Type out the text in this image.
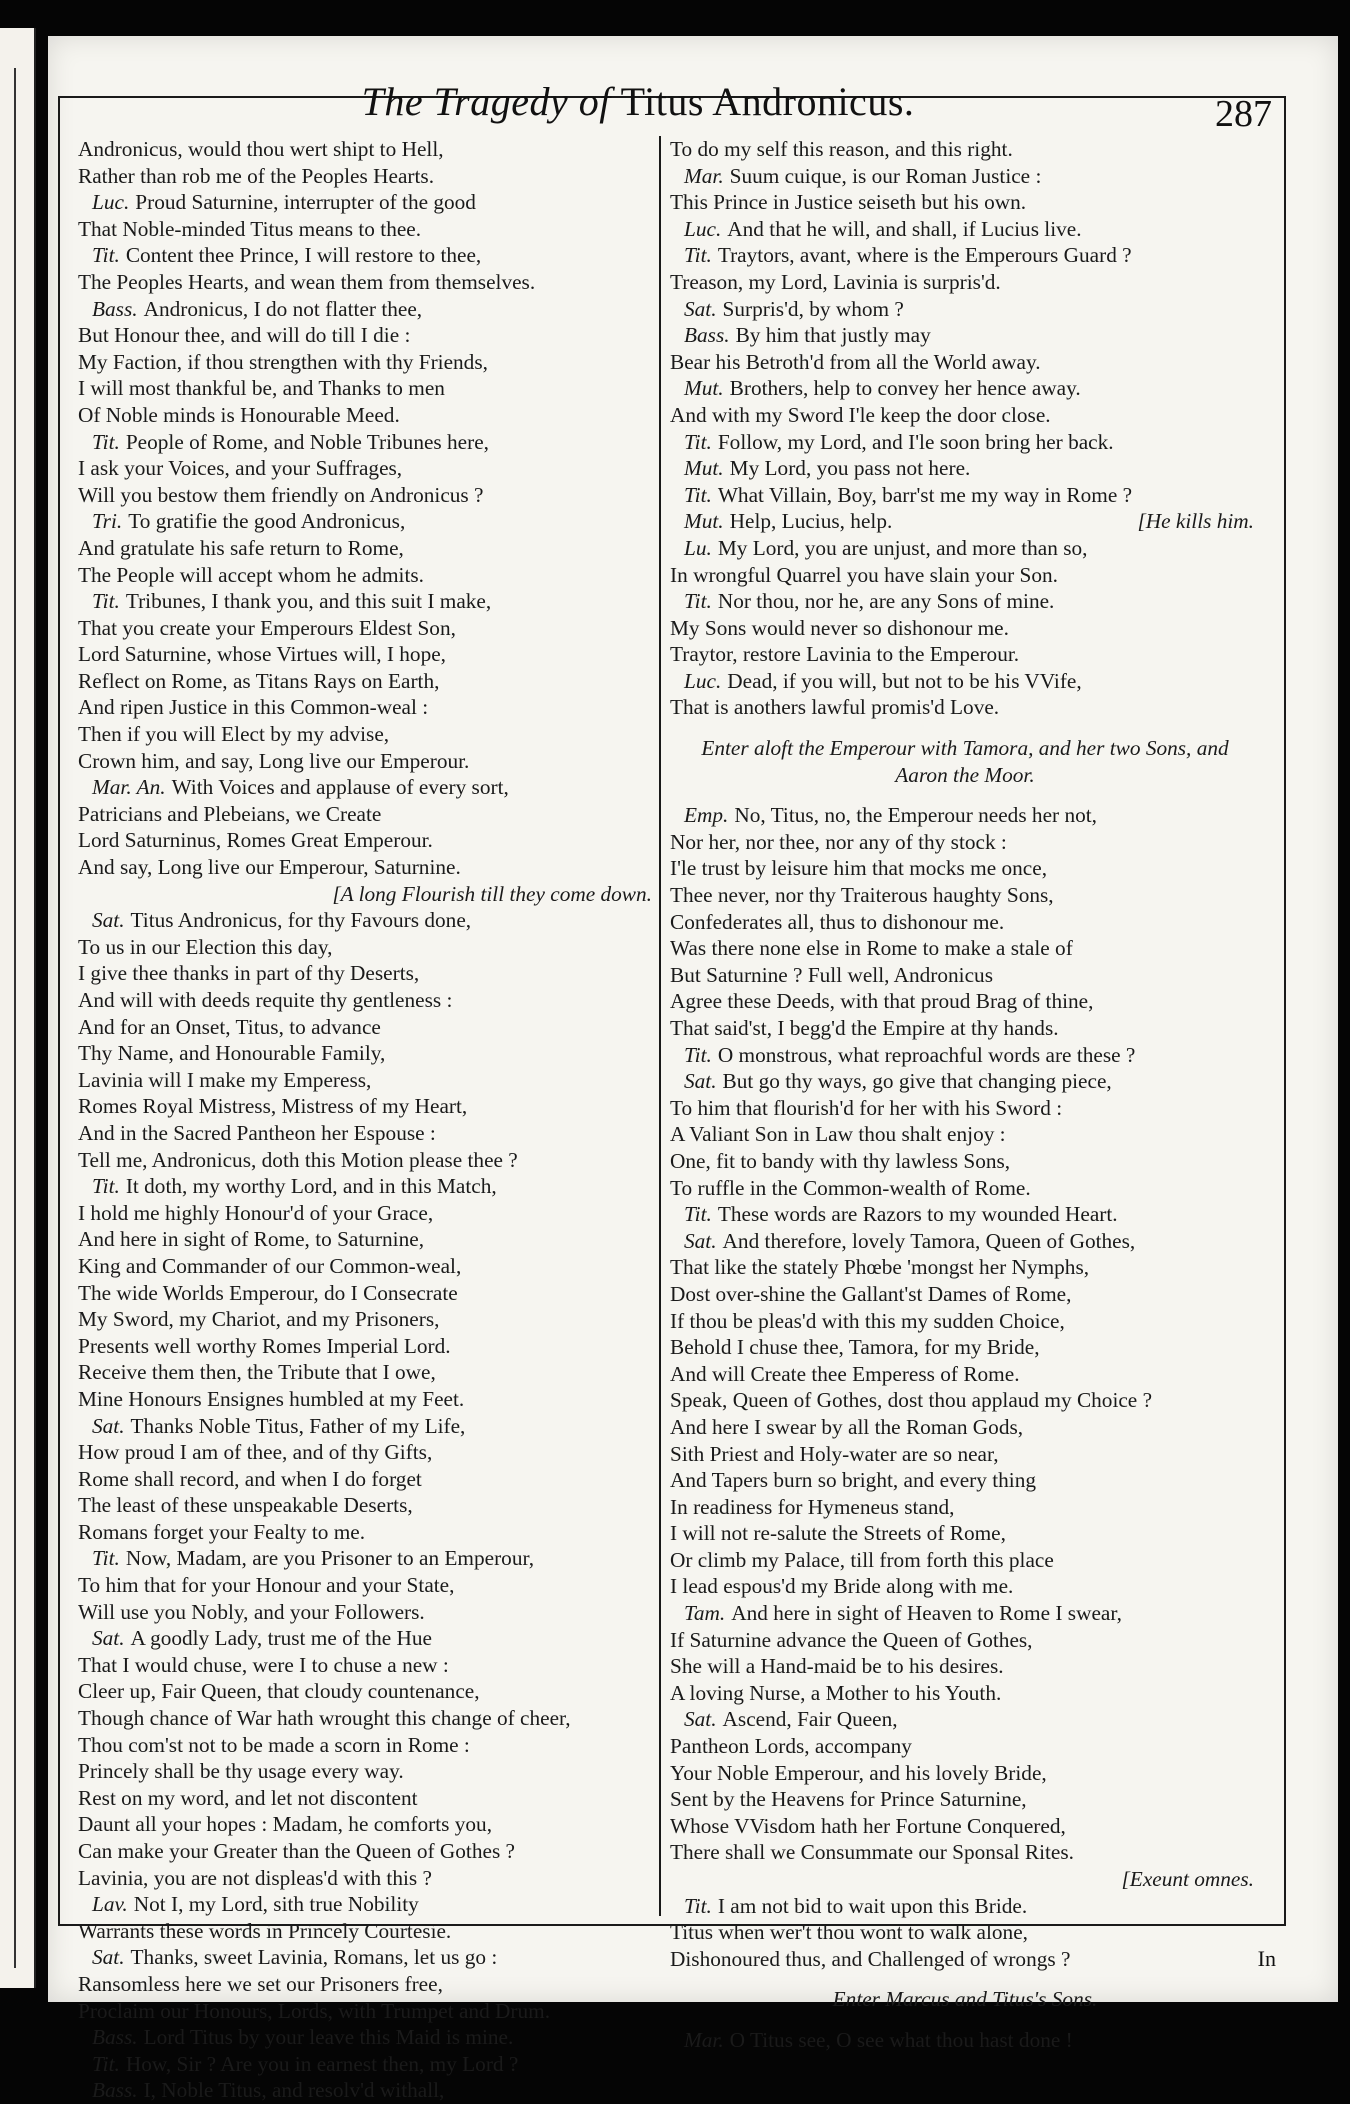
The Tragedy of Titus Andronicus.	287
Andronicus, would thou wert shipt to Hell,
Rather than rob me of the Peoples Hearts.
Luc. Proud Saturnine, interrupter of the good
That Noble-minded Titus means to thee.
Tit. Content thee Prince, I will restore to thee,
The Peoples Hearts, and wean them from themselves.
Bass. Andronicus, I do not flatter thee,
But Honour thee, and will do till I die :
My Faction, if thou strengthen with thy Friends,
I will most thankful be, and Thanks to men
Of Noble minds is Honourable Meed.
Tit. People of Rome, and Noble Tribunes here,
I ask your Voices, and your Suffrages,
Will you bestow them friendly on Andronicus ?
Tri. To gratifie the good Andronicus,
And gratulate his safe return to Rome,
The People will accept whom he admits.
Tit. Tribunes, I thank you, and this suit I make,
That you create your Emperours Eldest Son,
Lord Saturnine, whose Virtues will, I hope,
Reflect on Rome, as Titans Rays on Earth,
And ripen Justice in this Common-weal :
Then if you will Elect by my advise,
Crown him, and say, Long live our Emperour.
Mar. An. With Voices and applause of every sort,
Patricians and Plebeians, we Create
Lord Saturninus, Romes Great Emperour.
And say, Long live our Emperour, Saturnine.
[A long Flourish till they come down.
Sat. Titus Andronicus, for thy Favours done,
To us in our Election this day,
I give thee thanks in part of thy Deserts,
And will with deeds requite thy gentleness :
And for an Onset, Titus, to advance
Thy Name, and Honourable Family,
Lavinia will I make my Emperess,
Romes Royal Mistress, Mistress of my Heart,
And in the Sacred Pantheon her Espouse :
Tell me, Andronicus, doth this Motion please thee ?
Tit. It doth, my worthy Lord, and in this Match,
I hold me highly Honour'd of your Grace,
And here in sight of Rome, to Saturnine,
King and Commander of our Common-weal,
The wide Worlds Emperour, do I Consecrate
My Sword, my Chariot, and my Prisoners,
Presents well worthy Romes Imperial Lord.
Receive them then, the Tribute that I owe,
Mine Honours Ensignes humbled at my Feet.
Sat. Thanks Noble Titus, Father of my Life,
How proud I am of thee, and of thy Gifts,
Rome shall record, and when I do forget
The least of these unspeakable Deserts,
Romans forget your Fealty to me.
Tit. Now, Madam, are you Prisoner to an Emperour,
To him that for your Honour and your State,
Will use you Nobly, and your Followers.
Sat. A goodly Lady, trust me of the Hue
That I would chuse, were I to chuse a new :
Cleer up, Fair Queen, that cloudy countenance,
Though chance of War hath wrought this change of cheer,
Thou com'st not to be made a scorn in Rome :
Princely shall be thy usage every way.
Rest on my word, and let not discontent
Daunt all your hopes : Madam, he comforts you,
Can make your Greater than the Queen of Gothes ?
Lavinia, you are not displeas'd with this ?
Lav. Not I, my Lord, sith true Nobility
Warrants these words in Princely Courtesie.
Sat. Thanks, sweet Lavinia, Romans, let us go :
Ransomless here we set our Prisoners free,
Proclaim our Honours, Lords, with Trumpet and Drum.
Bass. Lord Titus by your leave this Maid is mine.
Tit. How, Sir ? Are you in earnest then, my Lord ?
Bass. I, Noble Titus, and resolv'd withall,
To do my self this reason, and this right.
Mar. Suum cuique, is our Roman Justice :
This Prince in Justice seiseth but his own.
Luc. And that he will, and shall, if Lucius live.
Tit. Traytors, avant, where is the Emperours Guard ?
Treason, my Lord, Lavinia is surpris'd.
Sat. Surpris'd, by whom ?
Bass. By him that justly may
Bear his Betroth'd from all the World away.
Mut. Brothers, help to convey her hence away.
And with my Sword I'le keep the door close.
Tit. Follow, my Lord, and I'le soon bring her back.
Mut. My Lord, you pass not here.
Tit. What Villain, Boy, barr'st me my way in Rome ?
Mut. Help, Lucius, help.	[He kills him.
Lu. My Lord, you are unjust, and more than so,
In wrongful Quarrel you have slain your Son.
Tit. Nor thou, nor he, are any Sons of mine.
My Sons would never so dishonour me.
Traytor, restore Lavinia to the Emperour.
Luc. Dead, if you will, but not to be his VVife,
That is anothers lawful promis'd Love.
Enter aloft the Emperour with Tamora, and her two Sons, and
Aaron the Moor.
Emp. No, Titus, no, the Emperour needs her not,
Nor her, nor thee, nor any of thy stock :
I'le trust by leisure him that mocks me once,
Thee never, nor thy Traiterous haughty Sons,
Confederates all, thus to dishonour me.
Was there none else in Rome to make a stale of
But Saturnine ? Full well, Andronicus
Agree these Deeds, with that proud Brag of thine,
That said'st, I begg'd the Empire at thy hands.
Tit. O monstrous, what reproachful words are these ?
Sat. But go thy ways, go give that changing piece,
To him that flourish'd for her with his Sword :
A Valiant Son in Law thou shalt enjoy :
One, fit to bandy with thy lawless Sons,
To ruffle in the Common-wealth of Rome.
Tit. These words are Razors to my wounded Heart.
Sat. And therefore, lovely Tamora, Queen of Gothes,
That like the stately Phœbe 'mongst her Nymphs,
Dost over-shine the Gallant'st Dames of Rome,
If thou be pleas'd with this my sudden Choice,
Behold I chuse thee, Tamora, for my Bride,
And will Create thee Emperess of Rome.
Speak, Queen of Gothes, dost thou applaud my Choice ?
And here I swear by all the Roman Gods,
Sith Priest and Holy-water are so near,
And Tapers burn so bright, and every thing
In readiness for Hymeneus stand,
I will not re-salute the Streets of Rome,
Or climb my Palace, till from forth this place
I lead espous'd my Bride along with me.
Tam. And here in sight of Heaven to Rome I swear,
If Saturnine advance the Queen of Gothes,
She will a Hand-maid be to his desires.
A loving Nurse, a Mother to his Youth.
Sat. Ascend, Fair Queen,
Pantheon Lords, accompany
Your Noble Emperour, and his lovely Bride,
Sent by the Heavens for Prince Saturnine,
Whose VVisdom hath her Fortune Conquered,
There shall we Consummate our Sponsal Rites.
[Exeunt omnes.
Tit. I am not bid to wait upon this Bride.
Titus when wer't thou wont to walk alone,
Dishonoured thus, and Challenged of wrongs ?
Enter Marcus and Titus's Sons.
Mar. O Titus see, O see what thou hast done !
In
